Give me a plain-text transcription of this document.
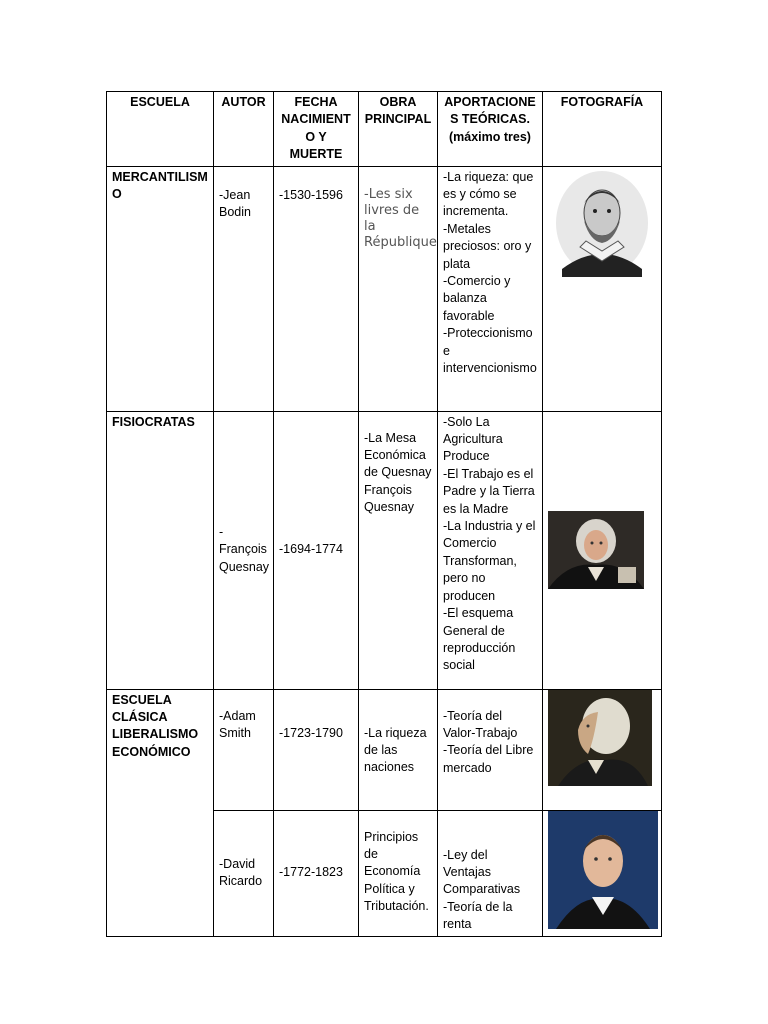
ESCUELA	AUTOR	FECHA NACIMIENT O Y MUERTE	OBRA PRINCIPAL	APORTACIONE S TEÓRICAS. (máximo tres)	FOTOGRAFÍA
MERCANTILISM O	-Jean Bodin	-1530-1596	-Les six livres de la République	-La riqueza: que es y cómo se incrementa.
-Metales preciosos: oro y plata
-Comercio y balanza favorable
-Proteccionismo e intervencionismo

FISIOCRATAS	-François Quesnay	-1694-1774	-La Mesa Económica de Quesnay François Quesnay	-Solo La Agricultura Produce
-El Trabajo es el Padre y la Tierra es la Madre
-La Industria y el Comercio Transforman, pero no producen
-El esquema General de reproducción social

ESCUELA CLÁSICA LIBERALISMO ECONÓMICO	-Adam Smith	-1723-1790	-La riqueza de las naciones	-Teoría del Valor-Trabajo
-Teoría del Libre mercado

	-David Ricardo	-1772-1823	Principios de Economía Política y Tributación.	-Ley del Ventajas Comparativas
-Teoría de la renta
